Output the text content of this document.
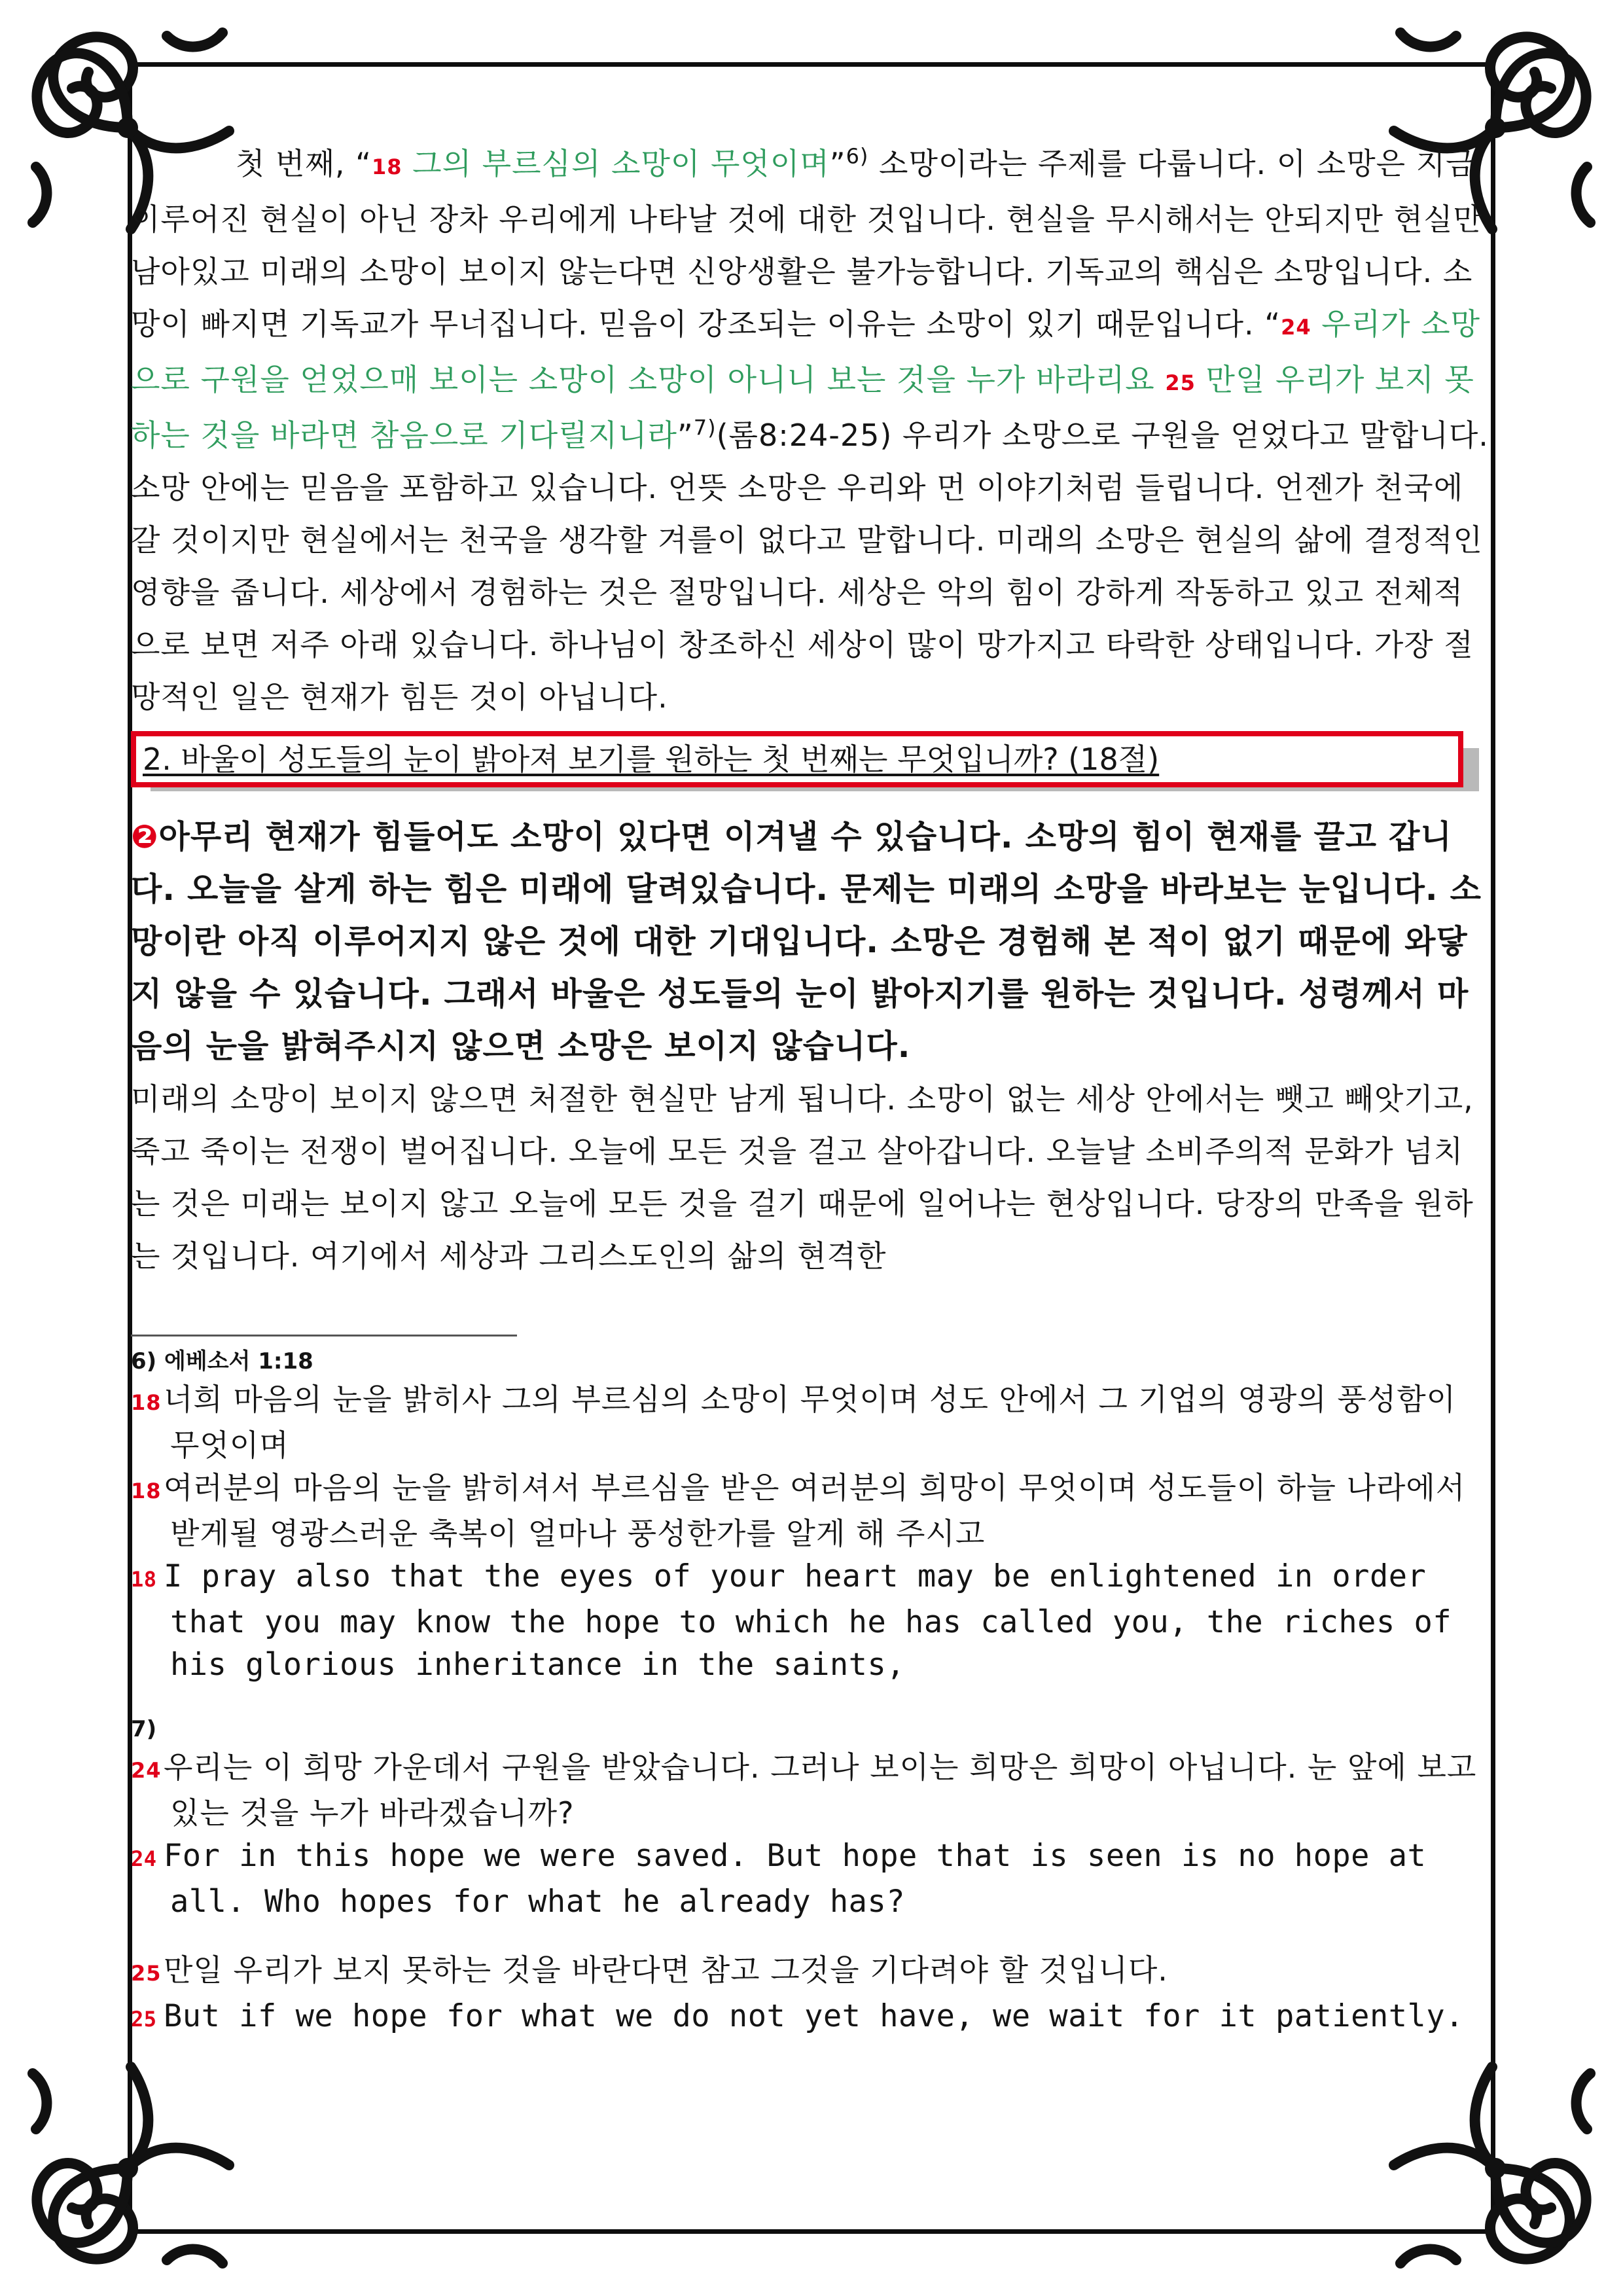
첫 번째, “18 그의 부르심의 소망이 무엇이며”$^{6)}$ 소망이라는 주제를 다룹니다. 이 소망은 지금 이루어진 현실이 아닌 장차 우리에게 나타날 것에 대한 것입니다. 현실을 무시해서는 안되지만 현실만 남아있고 미래의 소망이 보이지 않는다면 신앙생활은 불가능합니다. 기독교의 핵심은 소망입니다. 소망이 빠지면 기독교가 무너집니다. 믿음이 강조되는 이유는 소망이 있기 때문입니다. “24 우리가 소망으로 구원을 얻었으매 보이는 소망이 소망이 아니니 보는 것을 누가 바라리요 25 만일 우리가 보지 못하는 것을 바라면 참음으로 기다릴지니라”$^{7)}$(롬8:24-25) 우리가 소망으로 구원을 얻었다고 말합니다. 소망 안에는 믿음을 포함하고 있습니다. 언뜻 소망은 우리와 먼 이야기처럼 들립니다. 언젠가 천국에 갈 것이지만 현실에서는 천국을 생각할 겨를이 없다고 말합니다. 미래의 소망은 현실의 삶에 결정적인 영향을 줍니다. 세상에서 경험하는 것은 절망입니다. 세상은 악의 힘이 강하게 작동하고 있고 전체적으로 보면 저주 아래 있습니다. 하나님이 창조하신 세상이 많이 망가지고 타락한 상태입니다. 가장 절망적인 일은 현재가 힘든 것이 아닙니다.

2. 바울이 성도들의 눈이 밝아져 보기를 원하는 첫 번째는 무엇입니까? (18절)

❷아무리 현재가 힘들어도 소망이 있다면 이겨낼 수 있습니다. 소망의 힘이 현재를 끌고 갑니다. 오늘을 살게 하는 힘은 미래에 달려있습니다. 문제는 미래의 소망을 바라보는 눈입니다. 소망이란 아직 이루어지지 않은 것에 대한 기대입니다. 소망은 경험해 본 적이 없기 때문에 와닿지 않을 수 있습니다. 그래서 바울은 성도들의 눈이 밝아지기를 원하는 것입니다. 성령께서 마음의 눈을 밝혀주시지 않으면 소망은 보이지 않습니다.

미래의 소망이 보이지 않으면 처절한 현실만 남게 됩니다. 소망이 없는 세상 안에서는 뺏고 빼앗기고, 죽고 죽이는 전쟁이 벌어집니다. 오늘에 모든 것을 걸고 살아갑니다. 오늘날 소비주의적 문화가 넘치는 것은 미래는 보이지 않고 오늘에 모든 것을 걸기 때문에 일어나는 현상입니다. 당장의 만족을 원하는 것입니다. 여기에서 세상과 그리스도인의 삶의 현격한

6) 에베소서 1:18

18너희 마음의 눈을 밝히사 그의 부르심의 소망이 무엇이며 성도 안에서 그 기업의 영광의 풍성함이 무엇이며

18여러분의 마음의 눈을 밝히셔서 부르심을 받은 여러분의 희망이 무엇이며 성도들이 하늘 나라에서 받게될 영광스러운 축복이 얼마나 풍성한가를 알게 해 주시고

18 I pray also that the eyes of your heart may be enlightened in order that you may know the hope to which he has called you, the riches of his glorious inheritance in the saints,

7)

24우리는 이 희망 가운데서 구원을 받았습니다. 그러나 보이는 희망은 희망이 아닙니다. 눈 앞에 보고 있는 것을 누가 바라겠습니까?

24 For in this hope we were saved. But hope that is seen is no hope at all. Who hopes for what he already has?

25만일 우리가 보지 못하는 것을 바란다면 참고 그것을 기다려야 할 것입니다.

25 But if we hope for what we do not yet have, we wait for it patiently.
